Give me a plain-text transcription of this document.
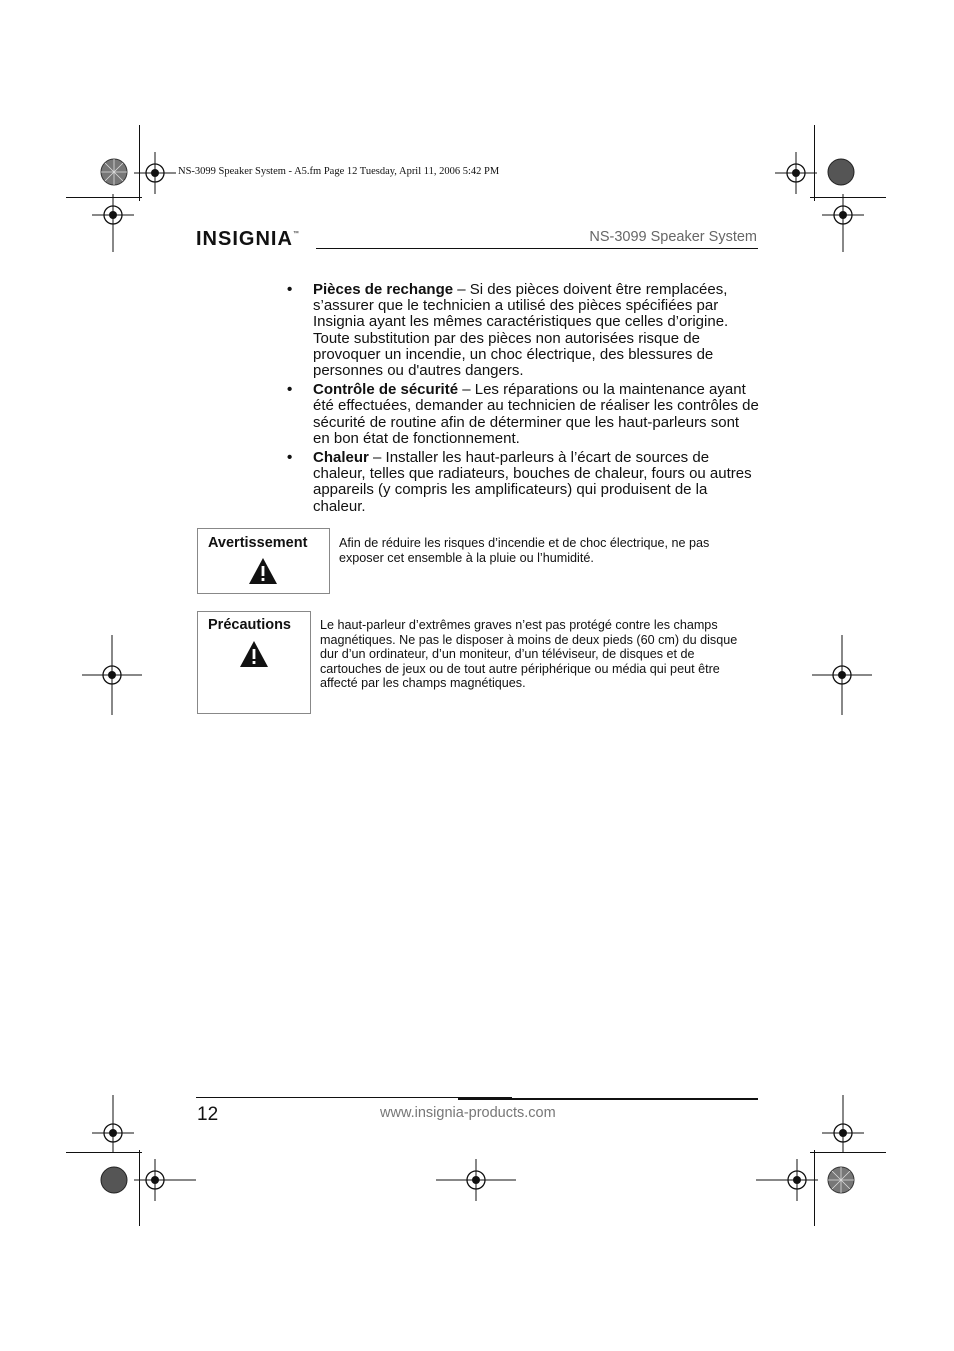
NS-3099 Speaker System - A5.fm Page 12 Tuesday, April 11, 2006 5:42 PM
INSIGNIA™	NS-3099 Speaker System
• Pièces de rechange – Si des pièces doivent être remplacées, s’assurer que le technicien a utilisé des pièces spécifiées par Insignia ayant les mêmes caractéristiques que celles d’origine. Toute substitution par des pièces non autorisées risque de provoquer un incendie, un choc électrique, des blessures de personnes ou d'autres dangers.
• Contrôle de sécurité – Les réparations ou la maintenance ayant été effectuées, demander au technicien de réaliser les contrôles de sécurité de routine afin de déterminer que les haut-parleurs sont en bon état de fonctionnement.
• Chaleur – Installer les haut-parleurs à l’écart de sources de chaleur, telles que radiateurs, bouches de chaleur, fours ou autres appareils (y compris les amplificateurs) qui produisent de la chaleur.
Avertissement	Afin de réduire les risques d’incendie et de choc électrique, ne pas exposer cet ensemble à la pluie ou l’humidité.
Précautions Le haut-parleur d’extrêmes graves n’est pas protégé contre les champs magnétiques. Ne pas le disposer à moins de deux pieds (60 cm) du disque dur d’un ordinateur, d’un moniteur, d’un téléviseur, de disques et de cartouches de jeux ou de tout autre périphérique ou média qui peut être affecté par les champs magnétiques.
12	www.insignia-products.com
